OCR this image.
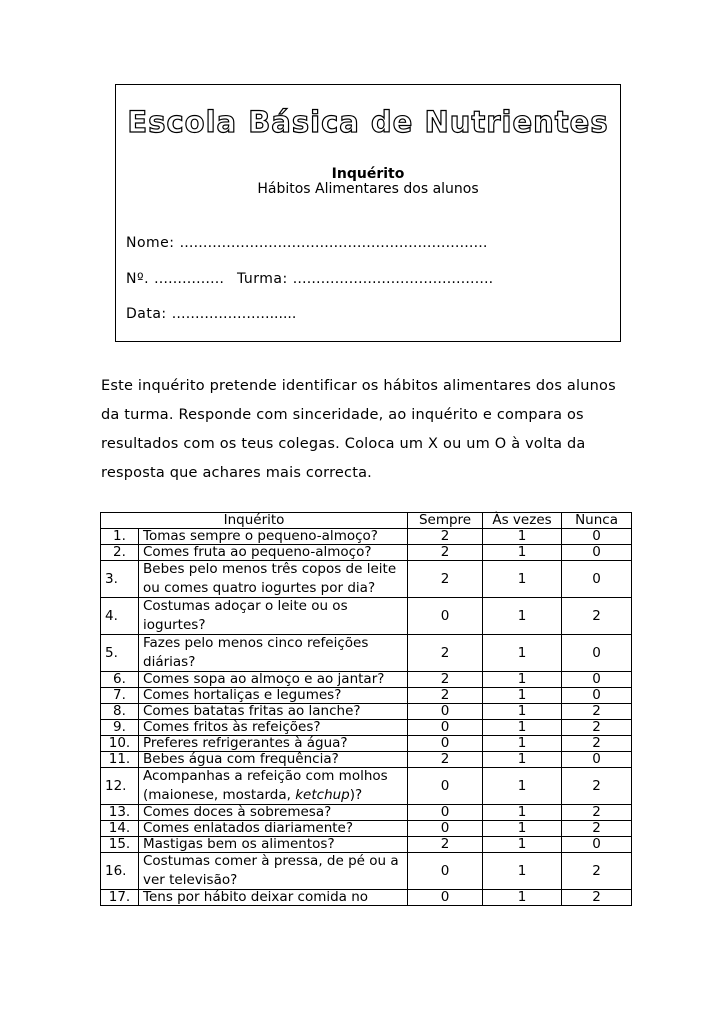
Escola Básica de Nutrientes
Inquérito
Hábitos Alimentares dos alunos
Nome: …………………………………………………………
Nº. …………… Turma: …………………………………….
Data: …………………......
Este inquérito pretende identificar os hábitos alimentares dos alunos
da turma. Responde com sinceridade, ao inquérito e compara os
resultados com os teus colegas. Coloca um X ou um O à volta da
resposta que achares mais correcta.
Inquérito		Sempre	Às vezes	Nunca
1.	Tomas sempre o pequeno-almoço?	2	1	0
2.	Comes fruta ao pequeno-almoço?	2	1	0
3.	Bebes pelo menos três copos de leite
ou comes quatro iogurtes por dia?	2	1	0
4.	Costumas adoçar o leite ou os
iogurtes?	0	1	2
5.	Fazes pelo menos cinco refeições
diárias?	2	1	0
6.	Comes sopa ao almoço e ao jantar?	2	1	0
7.	Comes hortaliças e legumes?	2	1	0
8.	Comes batatas fritas ao lanche?	0	1	2
9.	Comes fritos às refeições?	0	1	2
10.	Preferes refrigerantes à água?	0	1	2
11.	Bebes água com frequência?	2	1	0
12.	Acompanhas a refeição com molhos
(maionese, mostarda, ketchup)?	0	1	2
13.	Comes doces à sobremesa?	0	1	2
14.	Comes enlatados diariamente?	0	1	2
15.	Mastigas bem os alimentos?	2	1	0
16.	Costumas comer à pressa, de pé ou a
ver televisão?	0	1	2
17.	Tens por hábito deixar comida no	0	1	2
